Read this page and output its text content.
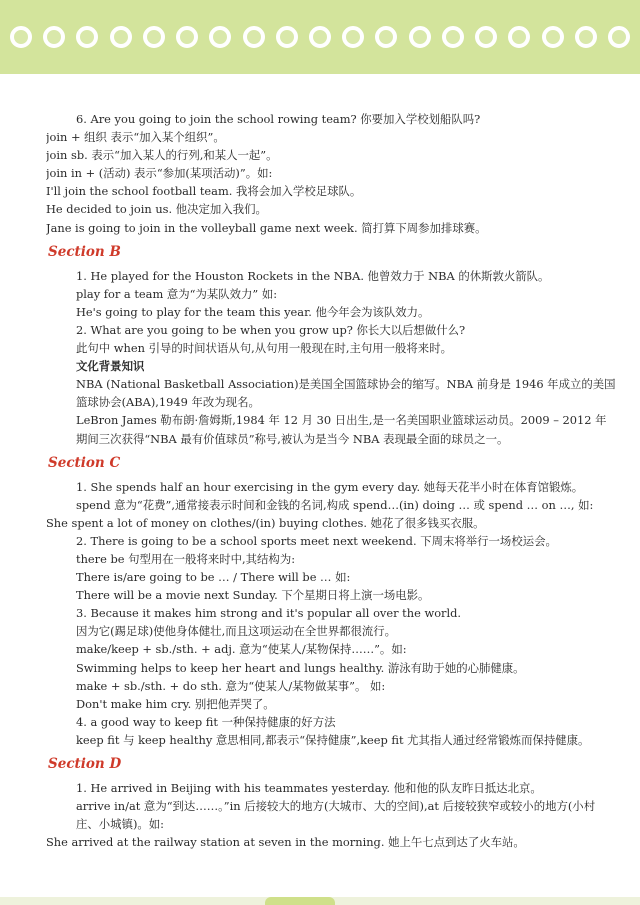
6. Are you going to join the school rowing team? 你要加入学校划船队吗?
join + 组织 表示“加入某个组织”。
join sb. 表示“加入某人的行列,和某人一起”。
join in + (活动) 表示“参加(某项活动)”。如:
I'll join the school football team. 我将会加入学校足球队。
He decided to join us. 他决定加入我们。
Jane is going to join in the volleyball game next week. 简打算下周参加排球赛。
Section B
1. He played for the Houston Rockets in the NBA. 他曾效力于 NBA 的休斯敦火箭队。
play for a team 意为“为某队效力” 如:
He's going to play for the team this year. 他今年会为该队效力。
2. What are you going to be when you grow up? 你长大以后想做什么?
此句中 when 引导的时间状语从句,从句用一般现在时,主句用一般将来时。
文化背景知识
NBA (National Basketball Association)是美国全国篮球协会的缩写。NBA 前身是 1946 年成立的美国篮球协会(ABA),1949 年改为现名。
LeBron James 勒布朗·詹姆斯,1984 年 12 月 30 日出生,是一名美国职业篮球运动员。2009 – 2012 年期间三次获得“NBA 最有价值球员”称号,被认为是当今 NBA 表现最全面的球员之一。
Section C
1. She spends half an hour exercising in the gym every day. 她每天花半小时在体育馆锻炼。
spend 意为“花费”,通常接表示时间和金钱的名词,构成 spend…(in) doing … 或 spend … on …, 如:
She spent a lot of money on clothes/(in) buying clothes. 她花了很多钱买衣服。
2. There is going to be a school sports meet next weekend. 下周末将举行一场校运会。
there be 句型用在一般将来时中,其结构为:
There is/are going to be … / There will be … 如:
There will be a movie next Sunday. 下个星期日将上演一场电影。
3. Because it makes him strong and it's popular all over the world.
因为它(踢足球)使他身体健壮,而且这项运动在全世界都很流行。
make/keep + sb./sth. + adj. 意为“使某人/某物保持……”。如:
Swimming helps to keep her heart and lungs healthy. 游泳有助于她的心肺健康。
make + sb./sth. + do sth. 意为“使某人/某物做某事”。 如:
Don't make him cry. 别把他弄哭了。
4. a good way to keep fit 一种保持健康的好方法
keep fit 与 keep healthy 意思相同,都表示“保持健康”,keep fit 尤其指人通过经常锻炼而保持健康。
Section D
1. He arrived in Beijing with his teammates yesterday. 他和他的队友昨日抵达北京。
arrive in/at 意为“到达……。”in 后接较大的地方(大城市、大的空间),at 后接较狭窄或较小的地方(小村庄、小城镇)。如:
She arrived at the railway station at seven in the morning. 她上午七点到达了火车站。
